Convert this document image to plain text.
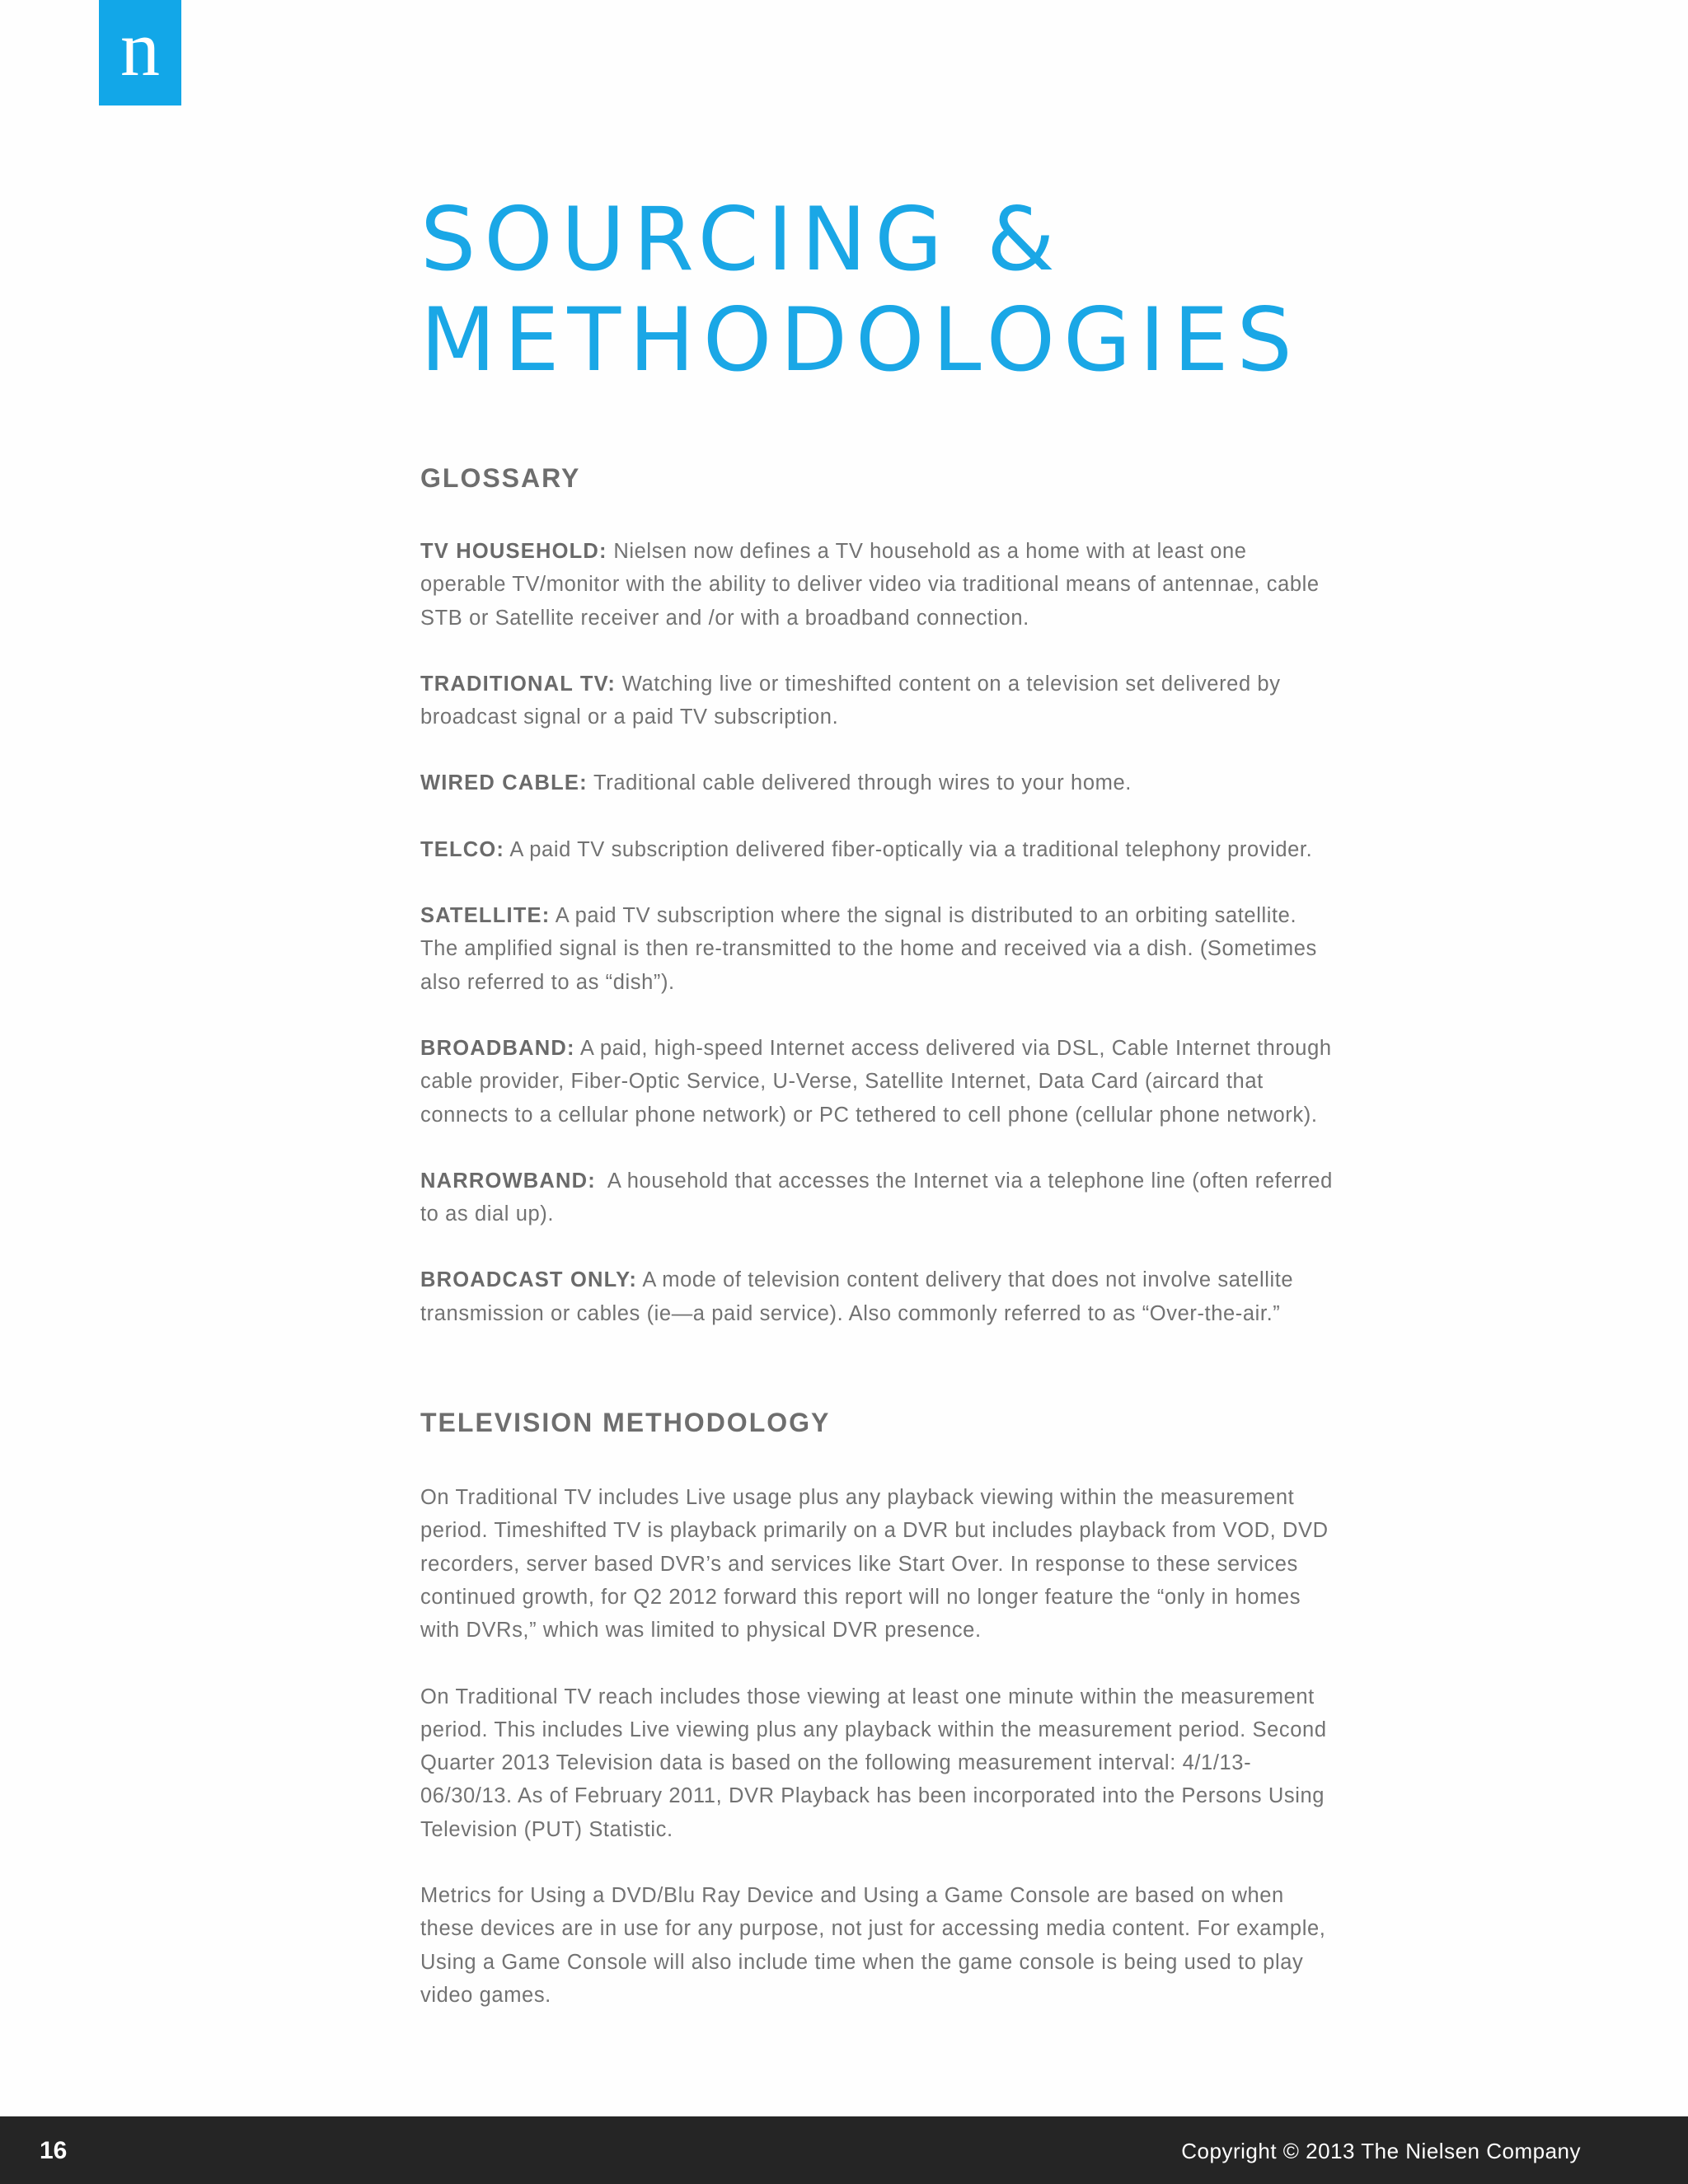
n
SOURCING &
METHODOLOGIES
GLOSSARY

TV HOUSEHOLD: Nielsen now defines a TV household as a home with at least one operable TV/monitor with the ability to deliver video via traditional means of antennae, cable STB or Satellite receiver and /or with a broadband connection.

TRADITIONAL TV: Watching live or timeshifted content on a television set delivered by broadcast signal or a paid TV subscription.

WIRED CABLE: Traditional cable delivered through wires to your home.

TELCO: A paid TV subscription delivered fiber-optically via a traditional telephony provider.

SATELLITE: A paid TV subscription where the signal is distributed to an orbiting satellite. The amplified signal is then re-transmitted to the home and received via a dish. (Sometimes also referred to as “dish”).

BROADBAND: A paid, high-speed Internet access delivered via DSL, Cable Internet through cable provider, Fiber-Optic Service, U-Verse, Satellite Internet, Data Card (aircard that connects to a cellular phone network) or PC tethered to cell phone (cellular phone network).

NARROWBAND:  A household that accesses the Internet via a telephone line (often referred to as dial up).

BROADCAST ONLY: A mode of television content delivery that does not involve satellite transmission or cables (ie—a paid service). Also commonly referred to as “Over-the-air.”

TELEVISION METHODOLOGY

On Traditional TV includes Live usage plus any playback viewing within the measurement period. Timeshifted TV is playback primarily on a DVR but includes playback from VOD, DVD recorders, server based DVR’s and services like Start Over. In response to these services continued growth, for Q2 2012 forward this report will no longer feature the “only in homes with DVRs,” which was limited to physical DVR presence.

On Traditional TV reach includes those viewing at least one minute within the measurement period. This includes Live viewing plus any playback within the measurement period. Second Quarter 2013 Television data is based on the following measurement interval: 4/1/13-06/30/13. As of February 2011, DVR Playback has been incorporated into the Persons Using Television (PUT) Statistic.

Metrics for Using a DVD/Blu Ray Device and Using a Game Console are based on when these devices are in use for any purpose, not just for accessing media content. For example, Using a Game Console will also include time when the game console is being used to play video games.

16	Copyright © 2013 The Nielsen Company
